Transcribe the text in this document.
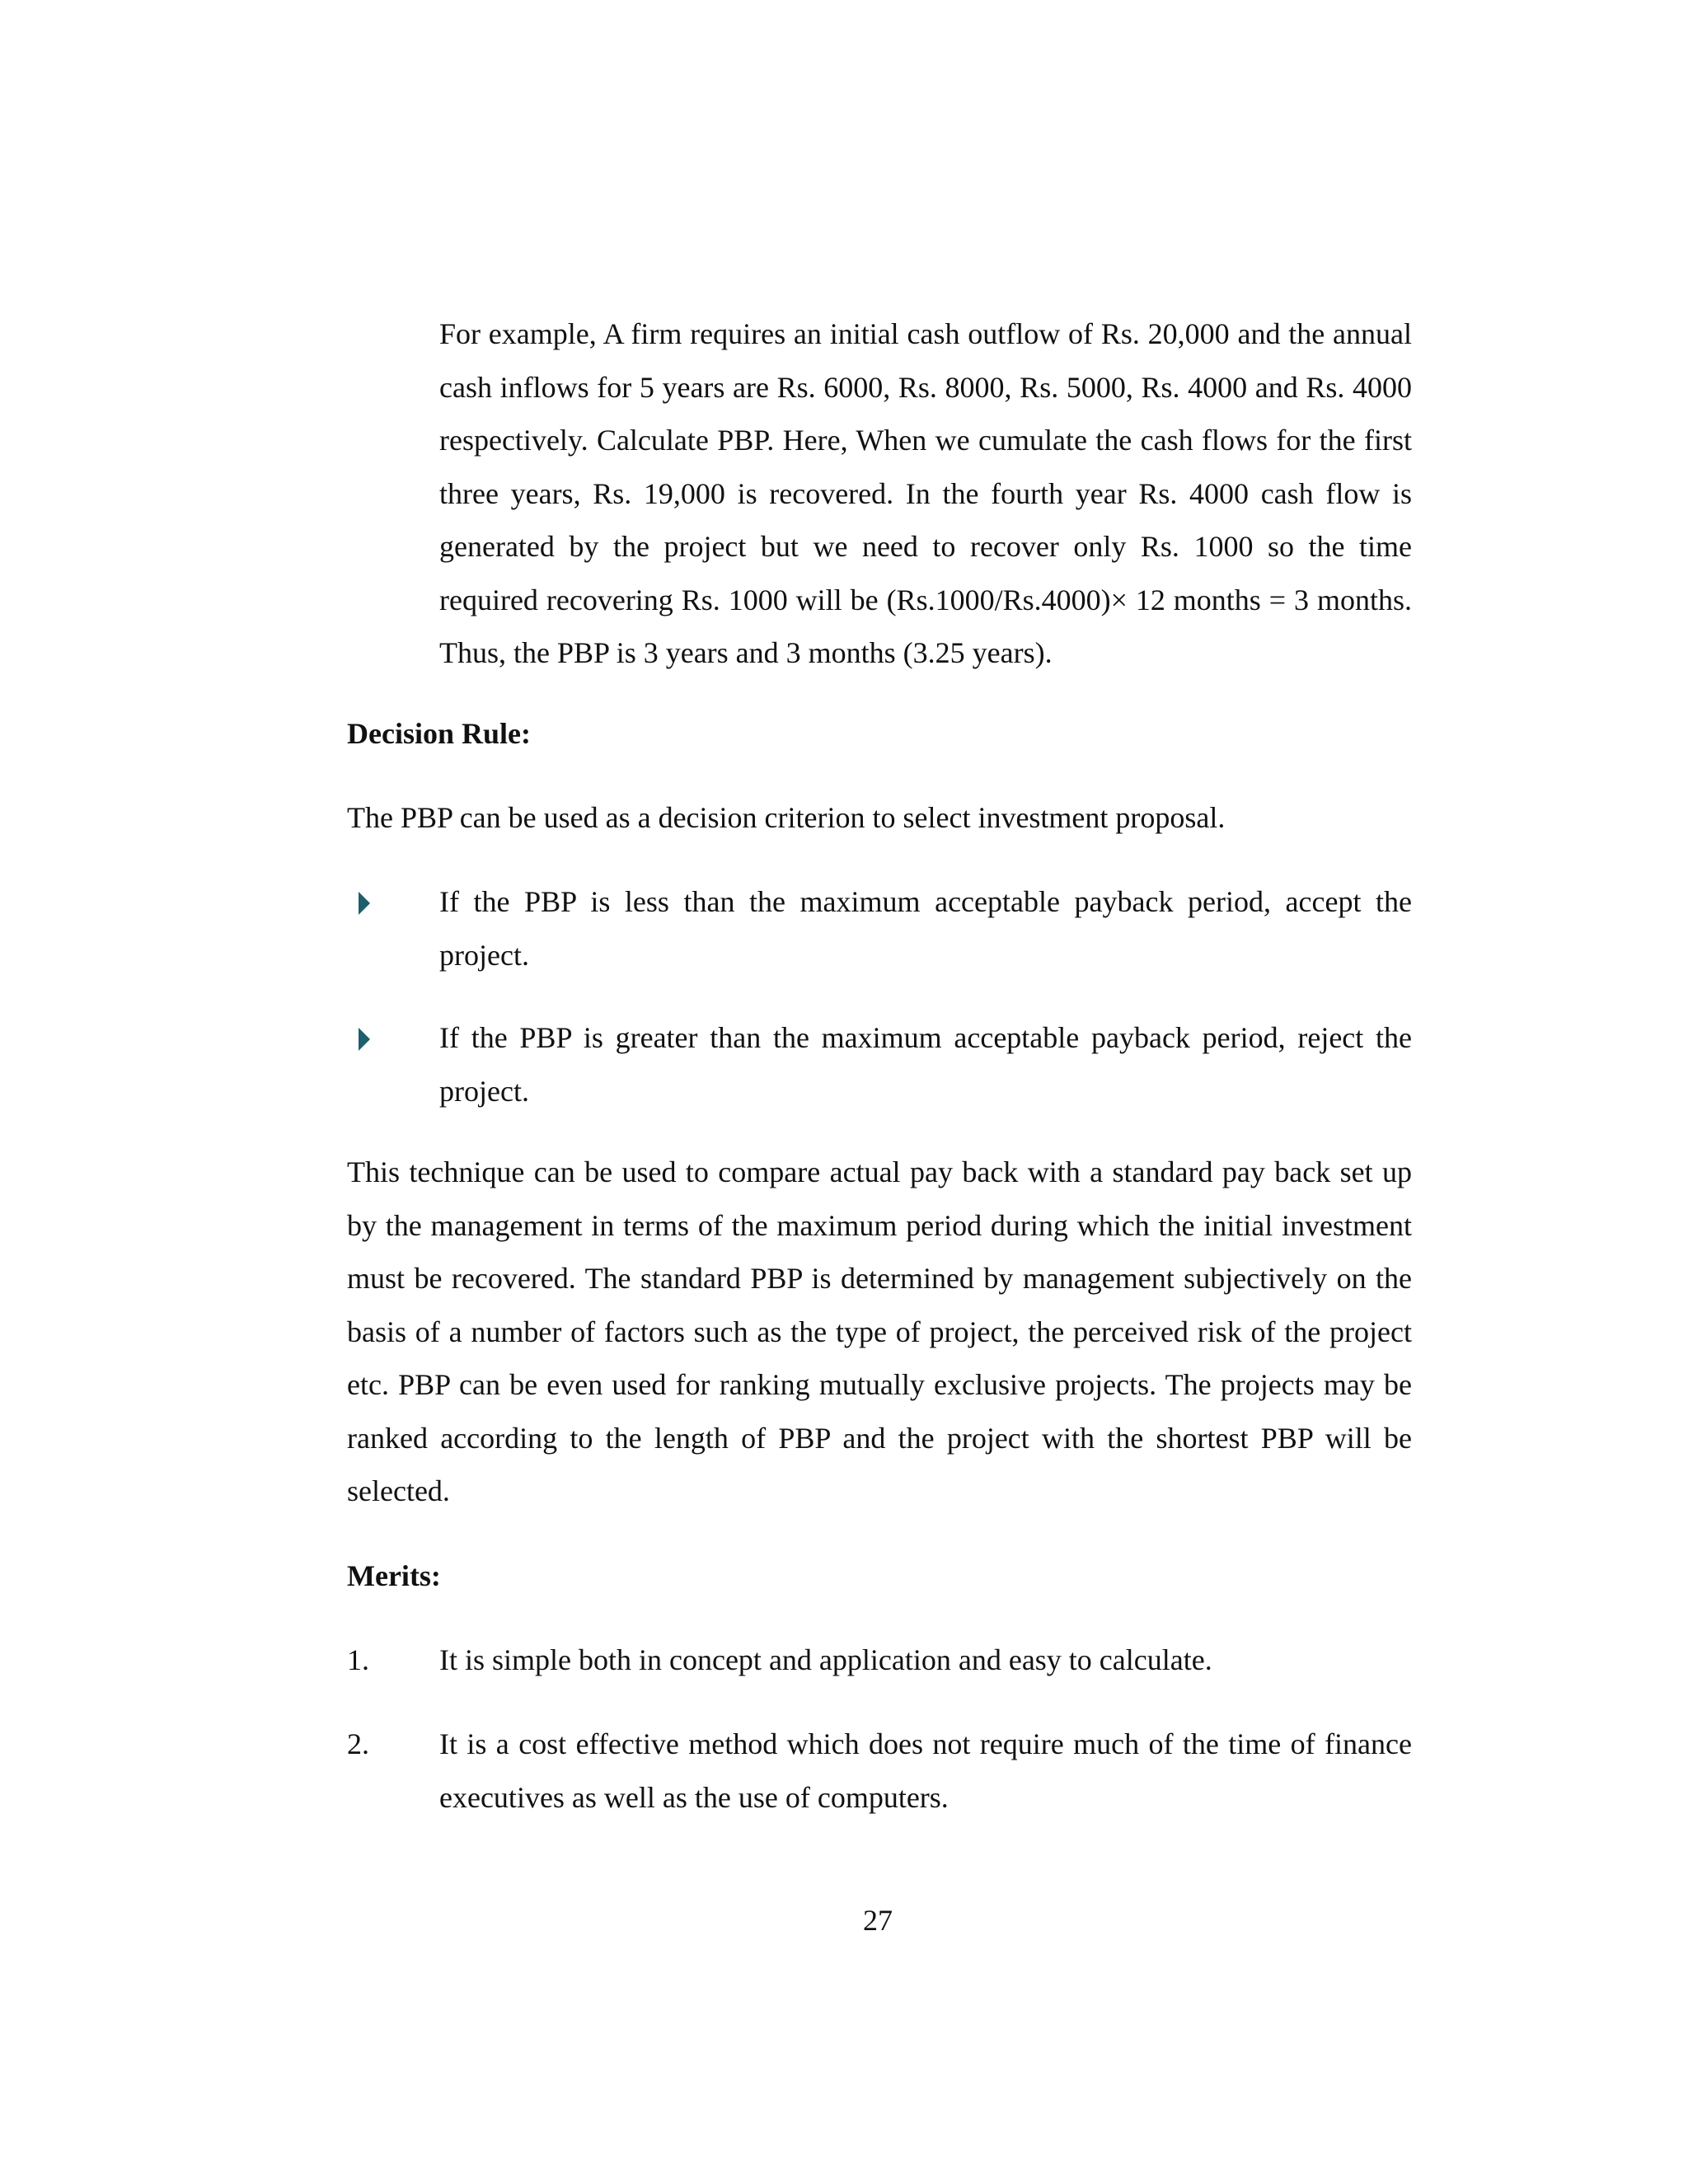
For example, A firm requires an initial cash outflow of Rs. 20,000 and the annual cash inflows for 5 years are Rs. 6000, Rs. 8000, Rs. 5000, Rs. 4000 and Rs. 4000 respectively. Calculate PBP. Here, When we cumulate the cash flows for the first three years, Rs. 19,000 is recovered. In the fourth year Rs. 4000 cash flow is generated by the project but we need to recover only Rs. 1000 so the time required recovering Rs. 1000 will be (Rs.1000/Rs.4000)× 12 months = 3 months. Thus, the PBP is 3 years and 3 months (3.25 years).

Decision Rule:

The PBP can be used as a decision criterion to select investment proposal.

If the PBP is less than the maximum acceptable payback period, accept the project.

If the PBP is greater than the maximum acceptable payback period, reject the project.

This technique can be used to compare actual pay back with a standard pay back set up by the management in terms of the maximum period during which the initial investment must be recovered. The standard PBP is determined by management subjectively on the basis of a number of factors such as the type of project, the perceived risk of the project etc. PBP can be even used for ranking mutually exclusive projects. The projects may be ranked according to the length of PBP and the project with the shortest PBP will be selected.

Merits:
1. It is simple both in concept and application and easy to calculate.

2. It is a cost effective method which does not require much of the time of finance executives as well as the use of computers.

27
